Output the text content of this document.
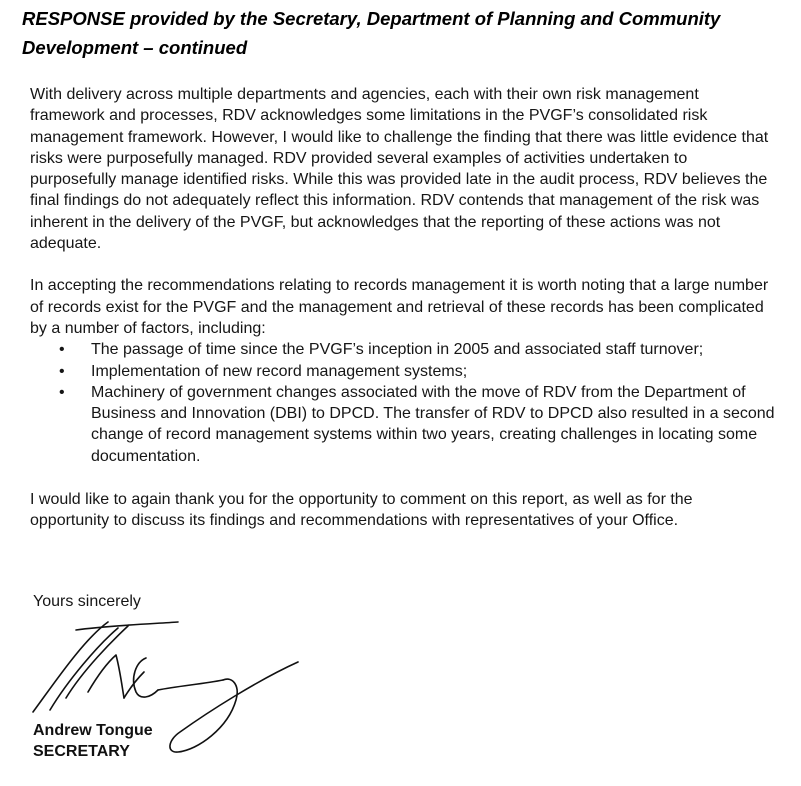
RESPONSE provided by the Secretary, Department of Planning and Community Development – continued

With delivery across multiple departments and agencies, each with their own risk management framework and processes, RDV acknowledges some limitations in the PVGF’s consolidated risk management framework. However, I would like to challenge the finding that there was little evidence that risks were purposefully managed. RDV provided several examples of activities undertaken to purposefully manage identified risks. While this was provided late in the audit process, RDV believes the final findings do not adequately reflect this information. RDV contends that management of the risk was inherent in the delivery of the PVGF, but acknowledges that the reporting of these actions was not adequate.

In accepting the recommendations relating to records management it is worth noting that a large number of records exist for the PVGF and the management and retrieval of these records has been complicated by a number of factors, including:

• The passage of time since the PVGF’s inception in 2005 and associated staff turnover;
• Implementation of new record management systems;
• Machinery of government changes associated with the move of RDV from the Department of Business and Innovation (DBI) to DPCD. The transfer of RDV to DPCD also resulted in a second change of record management systems within two years, creating challenges in locating some documentation.

I would like to again thank you for the opportunity to comment on this report, as well as for the opportunity to discuss its findings and recommendations with representatives of your Office.

Yours sincerely
Andrew Tongue
SECRETARY
